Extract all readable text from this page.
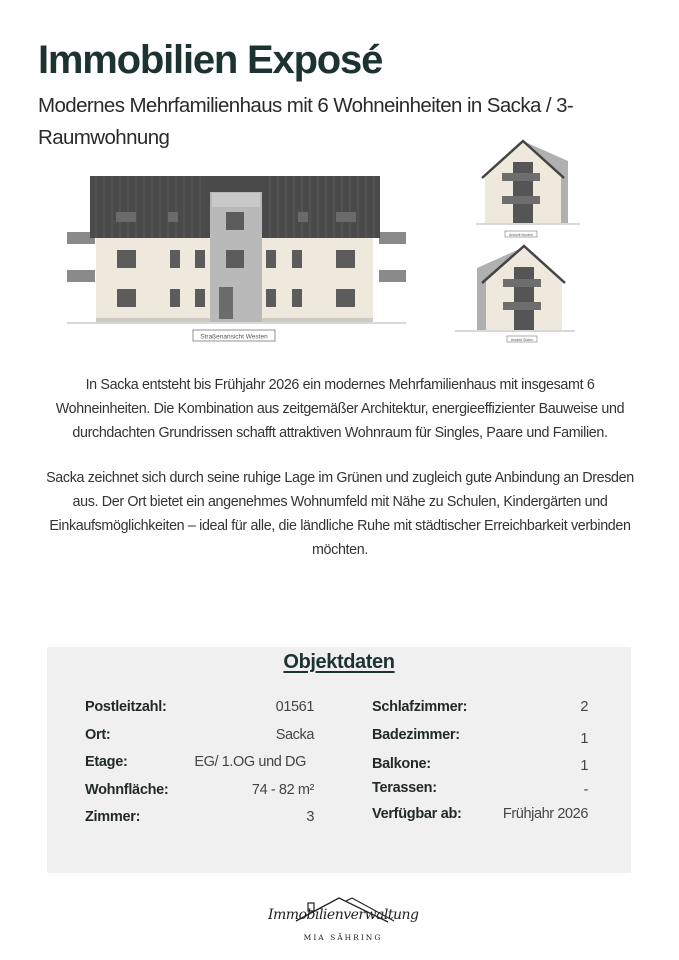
Immobilien Exposé
Modernes Mehrfamilienhaus mit 6 Wohneinheiten in Sacka / 3-Raumwohnung
Straßenansicht Westen
Ansicht Norden
Ansicht Süden

In Sacka entsteht bis Frühjahr 2026 ein modernes Mehrfamilienhaus mit insgesamt 6 Wohneinheiten. Die Kombination aus zeitgemäßer Architektur, energieeffizienter Bauweise und durchdachten Grundrissen schafft attraktiven Wohnraum für Singles, Paare und Familien.

Sacka zeichnet sich durch seine ruhige Lage im Grünen und zugleich gute Anbindung an Dresden aus. Der Ort bietet ein angenehmes Wohnumfeld mit Nähe zu Schulen, Kindergärten und Einkaufsmöglichkeiten – ideal für alle, die ländliche Ruhe mit städtischer Erreichbarkeit verbinden möchten.

Objektdaten
Postleitzahl:	01561
Ort:	Sacka
Etage:	EG/ 1.OG und DG
Wohnfläche:	74 - 82 m²
Zimmer:	3
Schlafzimmer:	2
Badezimmer:	1
Balkone:	1
Terassen:	-
Verfügbar ab:	Frühjahr 2026
Immobilienverwaltung
MIA SÄHRING
